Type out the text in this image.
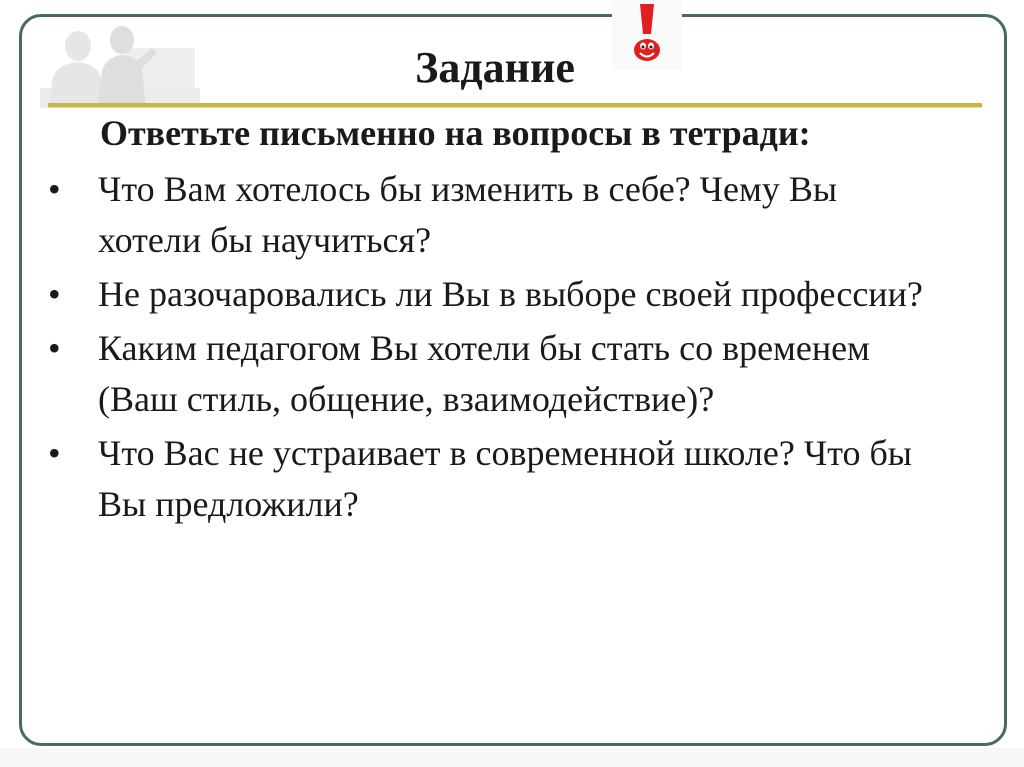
Задание

Ответьте письменно на вопросы в тетради:

• Что Вам хотелось бы изменить в себе? Чему Вы хотели бы научиться?
• Не разочаровались ли Вы в выборе своей профессии?
• Каким педагогом Вы хотели бы стать со временем (Ваш стиль, общение, взаимодействие)?
• Что Вас не устраивает в современной школе? Что бы Вы предложили?
